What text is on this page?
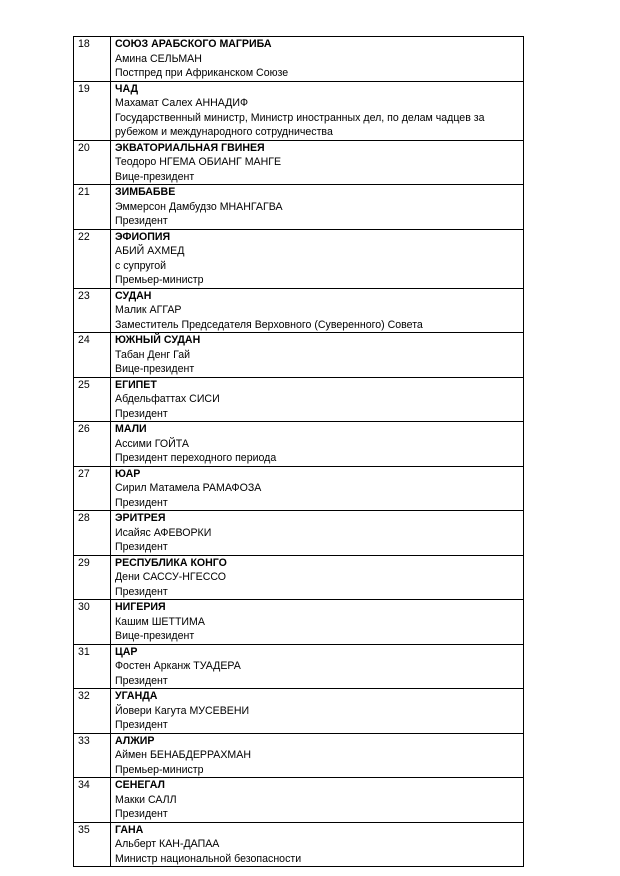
18	СОЮЗ АРАБСКОГО МАГРИБА
Амина СЕЛЬМАН
Постпред при Африканском Союзе

19	ЧАД
Махамат Салех АННАДИФ
Государственный министр, Министр иностранных дел, по делам чадцев за рубежом и международного сотрудничества

20	ЭКВАТОРИАЛЬНАЯ ГВИНЕЯ
Теодоро НГЕМА ОБИАНГ МАНГЕ
Вице-президент

21	ЗИМБАБВЕ
Эммерсон Дамбудзо МНАНГАГВА
Президент

22	ЭФИОПИЯ
АБИЙ АХМЕД
с супругой
Премьер-министр

23	СУДАН
Малик АГГАР
Заместитель Председателя Верховного (Суверенного) Совета

24	ЮЖНЫЙ СУДАН
Табан Денг Гай
Вице-президент

25	ЕГИПЕТ
Абдельфаттах СИСИ
Президент

26	МАЛИ
Ассими ГОЙТА
Президент переходного периода

27	ЮАР
Сирил Матамела РАМАФОЗА
Президент

28	ЭРИТРЕЯ
Исайяс АФЕВОРКИ
Президент

29	РЕСПУБЛИКА КОНГО
Дени САССУ-НГЕССО
Президент

30	НИГЕРИЯ
Кашим ШЕТТИМА
Вице-президент

31	ЦАР
Фостен Арканж ТУАДЕРА
Президент

32	УГАНДА
Йовери Кагута МУСЕВЕНИ
Президент

33	АЛЖИР
Аймен БЕНАБДЕРРАХМАН
Премьер-министр

34	СЕНЕГАЛ
Макки САЛЛ
Президент

35	ГАНА
Альберт КАН-ДАПАА
Министр национальной безопасности
